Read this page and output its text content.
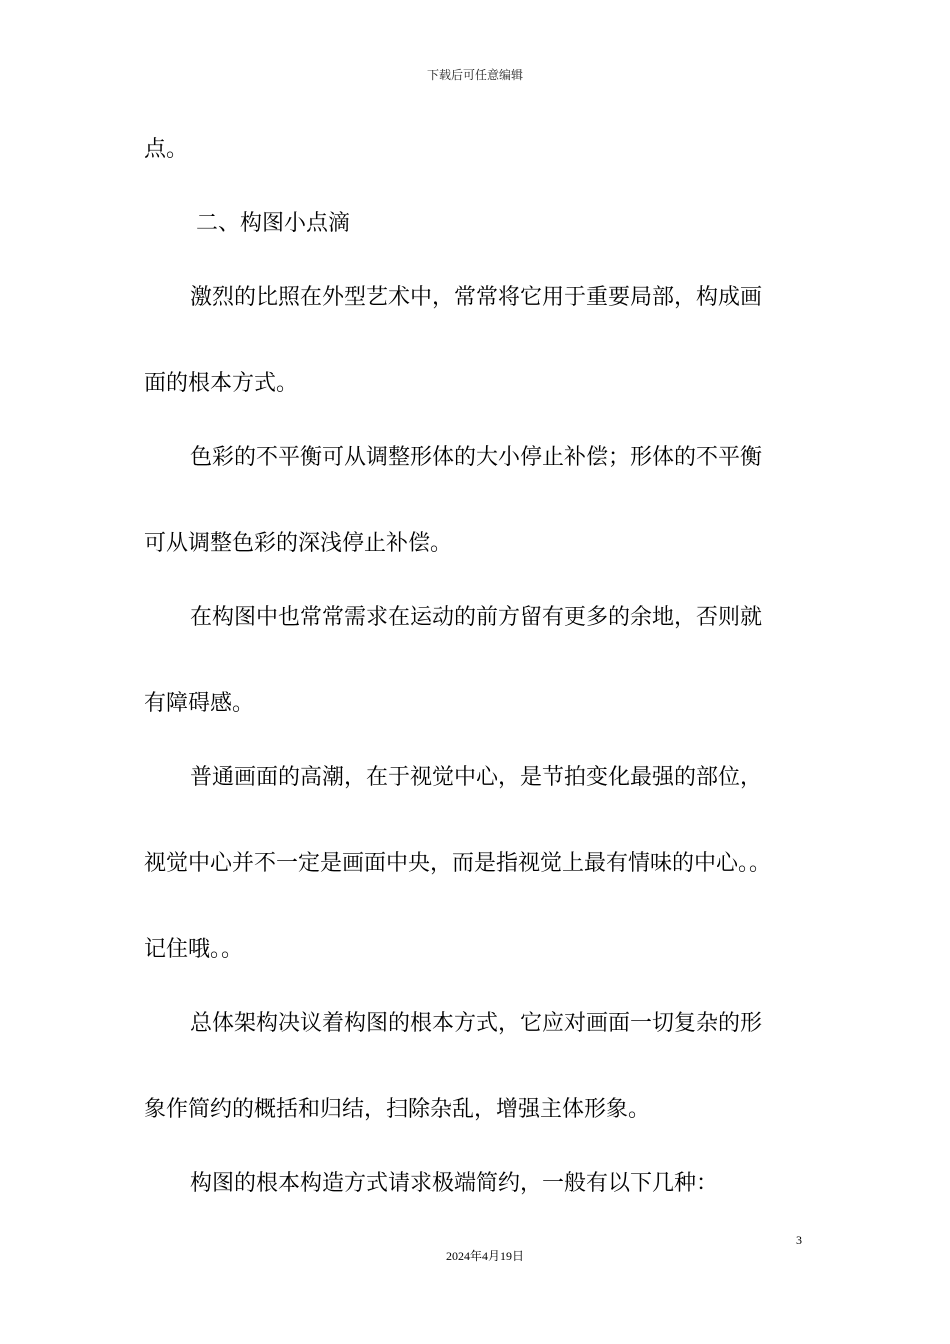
下载后可任意编辑
点。
二、构图小点滴
激烈的比照在外型艺术中，常常将它用于重要局部，构成画
面的根本方式。
色彩的不平衡可从调整形体的大小停止补偿；形体的不平衡
可从调整色彩的深浅停止补偿。
在构图中也常常需求在运动的前方留有更多的余地，否则就
有障碍感。
普通画面的高潮，在于视觉中心，是节拍变化最强的部位，
视觉中心并不一定是画面中央，而是指视觉上最有情味的中心。。
记住哦。。
总体架构决议着构图的根本方式，它应对画面一切复杂的形
象作简约的概括和归结，扫除杂乱，增强主体形象。
构图的根本构造方式请求极端简约，一般有以下几种：
3
2024年4月19日
